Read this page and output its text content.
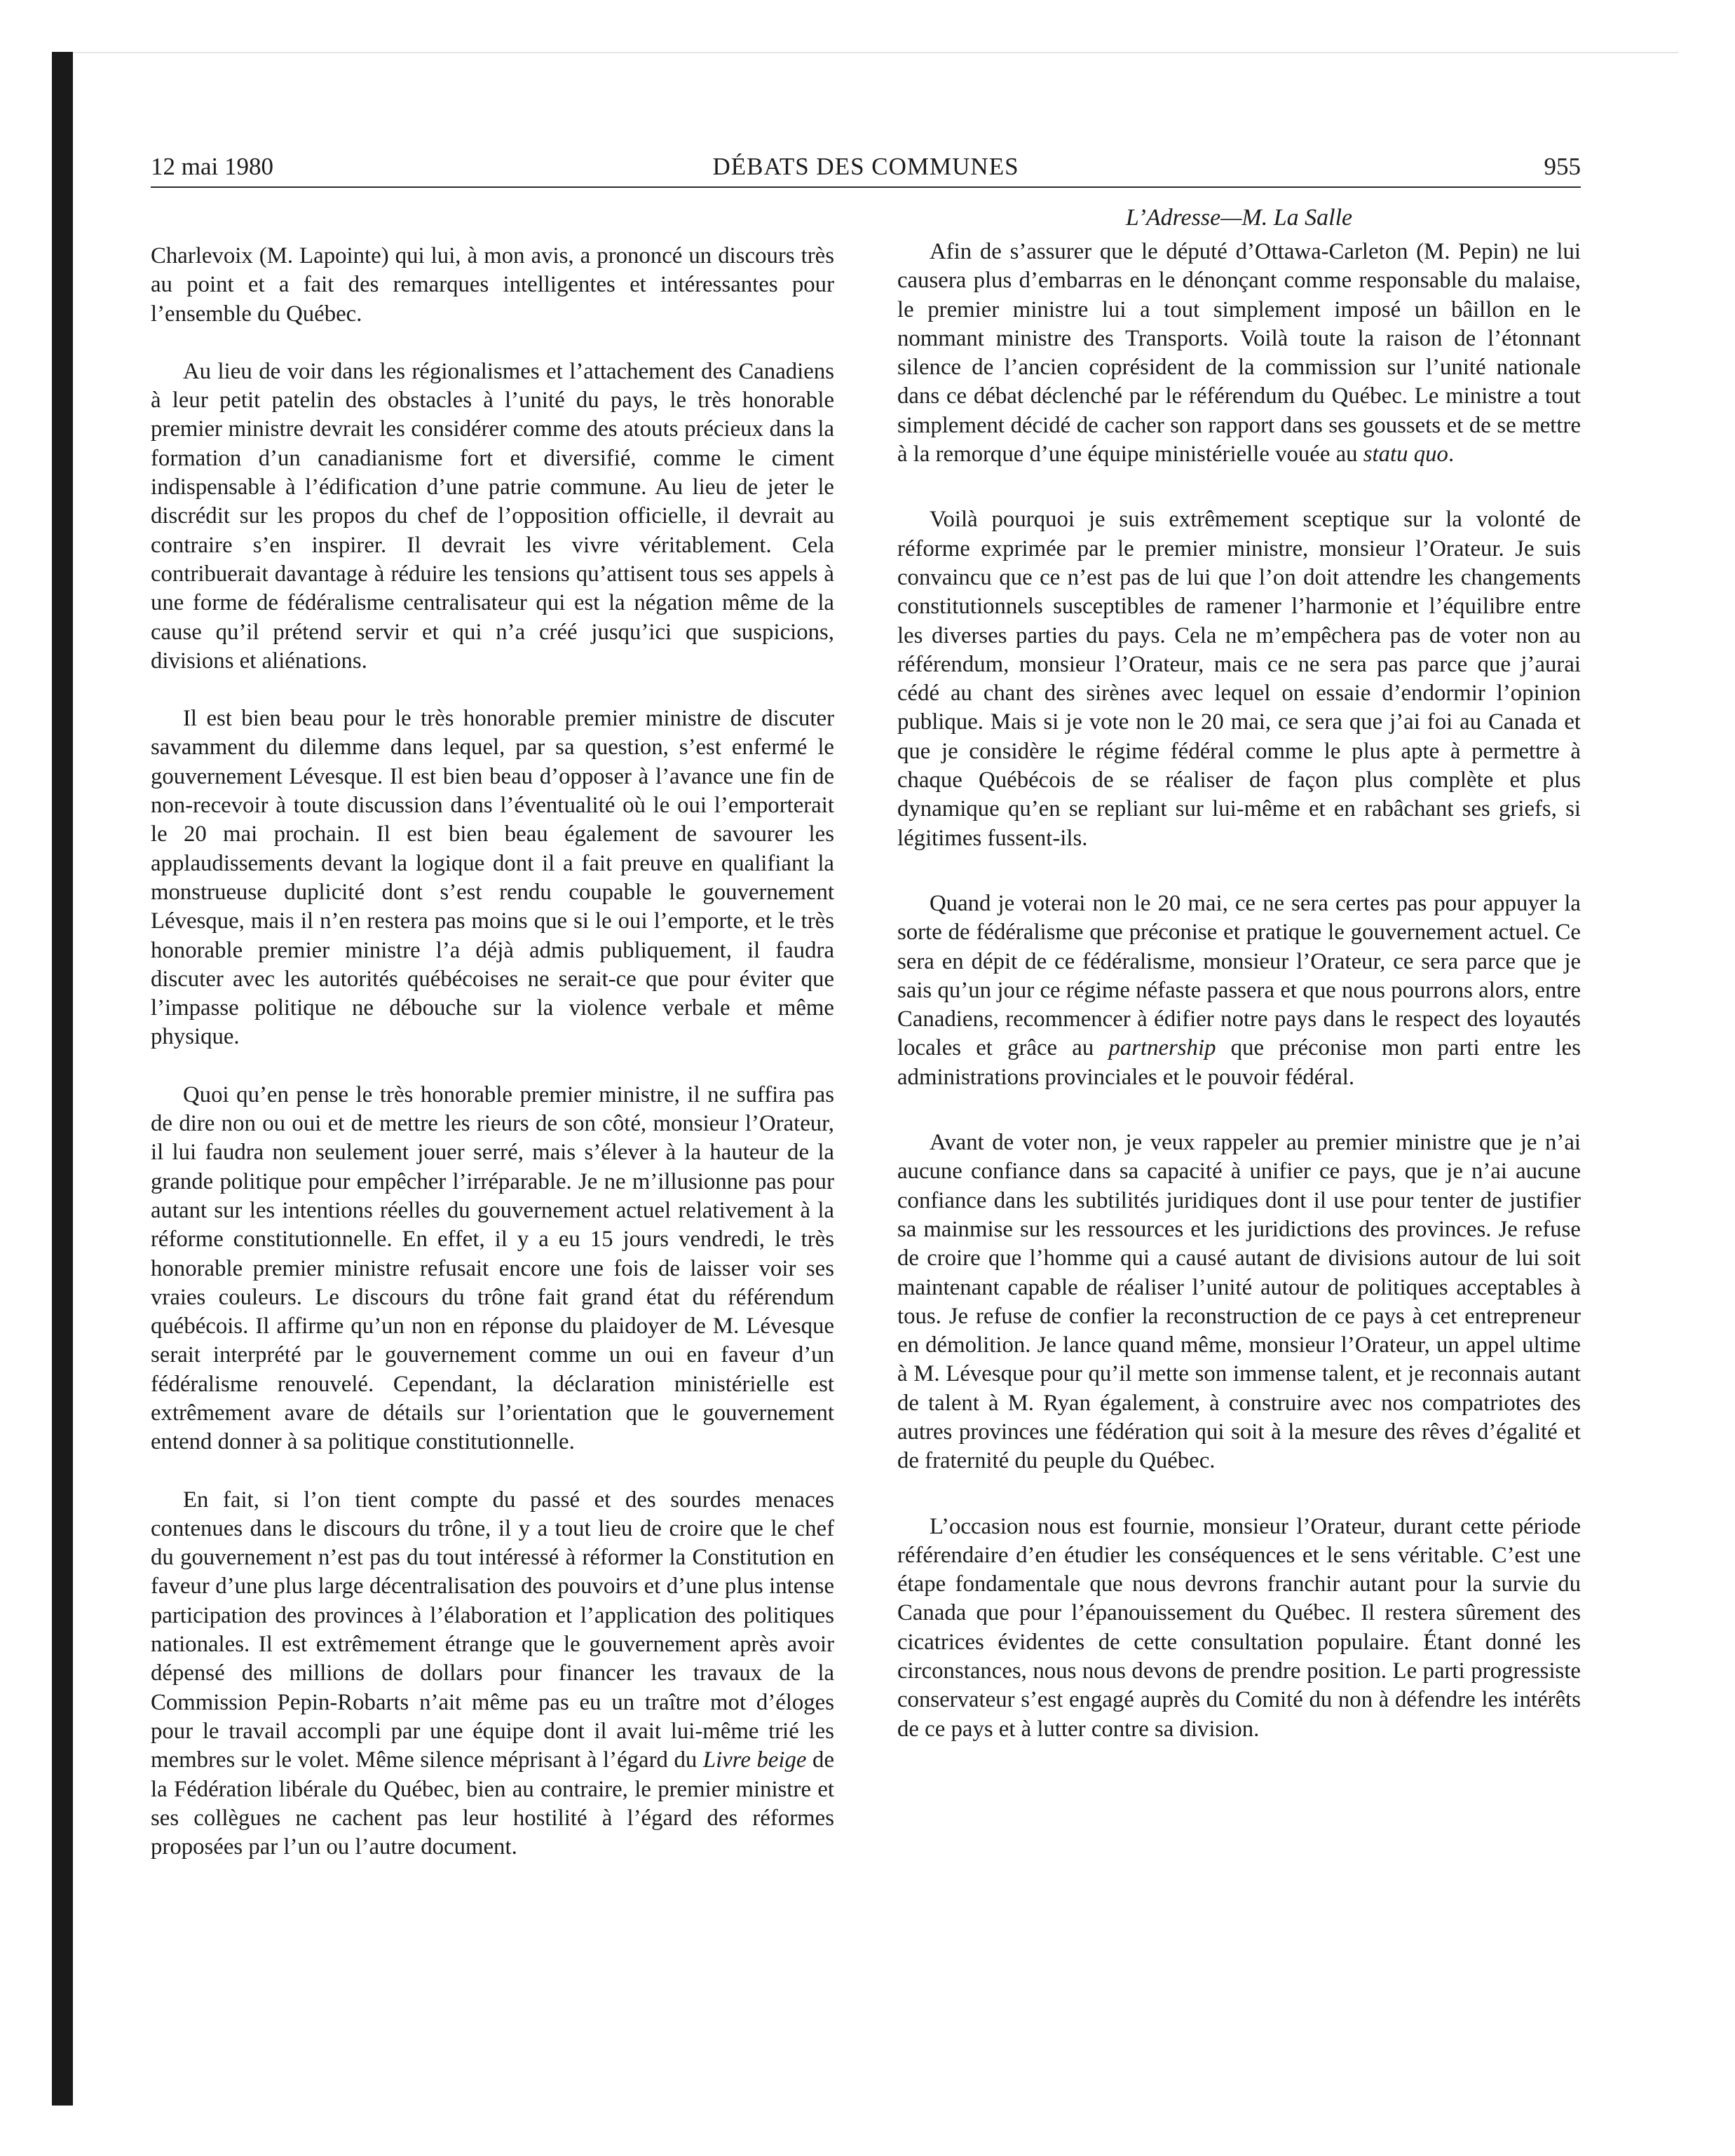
12 mai 1980	DÉBATS DES COMMUNES	955

Charlevoix (M. Lapointe) qui lui, à mon avis, a prononcé un discours très au point et a fait des remarques intelligentes et intéressantes pour l’ensemble du Québec.

Au lieu de voir dans les régionalismes et l’attachement des Canadiens à leur petit patelin des obstacles à l’unité du pays, le très honorable premier ministre devrait les considérer comme des atouts précieux dans la formation d’un canadianisme fort et diversifié, comme le ciment indispensable à l’édification d’une patrie commune. Au lieu de jeter le discrédit sur les propos du chef de l’opposition officielle, il devrait au contraire s’en inspirer. Il devrait les vivre véritablement. Cela contribuerait davantage à réduire les tensions qu’attisent tous ses appels à une forme de fédéralisme centralisateur qui est la négation même de la cause qu’il prétend servir et qui n’a créé jusqu’ici que suspicions, divisions et aliénations.

Il est bien beau pour le très honorable premier ministre de discuter savamment du dilemme dans lequel, par sa question, s’est enfermé le gouvernement Lévesque. Il est bien beau d’opposer à l’avance une fin de non-recevoir à toute discussion dans l’éventualité où le oui l’emporterait le 20 mai prochain. Il est bien beau également de savourer les applaudissements devant la logique dont il a fait preuve en qualifiant la monstrueuse duplicité dont s’est rendu coupable le gouvernement Lévesque, mais il n’en restera pas moins que si le oui l’emporte, et le très honorable premier ministre l’a déjà admis publiquement, il faudra discuter avec les autorités québécoises ne serait-ce que pour éviter que l’impasse politique ne débouche sur la violence verbale et même physique.

Quoi qu’en pense le très honorable premier ministre, il ne suffira pas de dire non ou oui et de mettre les rieurs de son côté, monsieur l’Orateur, il lui faudra non seulement jouer serré, mais s’élever à la hauteur de la grande politique pour empêcher l’irréparable. Je ne m’illusionne pas pour autant sur les intentions réelles du gouvernement actuel relativement à la réforme constitutionnelle. En effet, il y a eu 15 jours vendredi, le très honorable premier ministre refusait encore une fois de laisser voir ses vraies couleurs. Le discours du trône fait grand état du référendum québécois. Il affirme qu’un non en réponse du plaidoyer de M. Lévesque serait interprété par le gouvernement comme un oui en faveur d’un fédéralisme renouvelé. Cependant, la déclaration ministérielle est extrêmement avare de détails sur l’orientation que le gouvernement entend donner à sa politique constitutionnelle.

En fait, si l’on tient compte du passé et des sourdes menaces contenues dans le discours du trône, il y a tout lieu de croire que le chef du gouvernement n’est pas du tout intéressé à réformer la Constitution en faveur d’une plus large décentralisation des pouvoirs et d’une plus intense participation des provinces à l’élaboration et l’application des politiques nationales. Il est extrêmement étrange que le gouvernement après avoir dépensé des millions de dollars pour financer les travaux de la Commission Pepin-Robarts n’ait même pas eu un traître mot d’éloges pour le travail accompli par une équipe dont il avait lui-même trié les membres sur le volet. Même silence méprisant à l’égard du Livre beige de la Fédération libérale du Québec, bien au contraire, le premier ministre et ses collègues ne cachent pas leur hostilité à l’égard des réformes proposées par l’un ou l’autre document.

L’Adresse—M. La Salle

Afin de s’assurer que le député d’Ottawa-Carleton (M. Pepin) ne lui causera plus d’embarras en le dénonçant comme responsable du malaise, le premier ministre lui a tout simplement imposé un bâillon en le nommant ministre des Transports. Voilà toute la raison de l’étonnant silence de l’ancien coprésident de la commission sur l’unité nationale dans ce débat déclenché par le référendum du Québec. Le ministre a tout simplement décidé de cacher son rapport dans ses goussets et de se mettre à la remorque d’une équipe ministérielle vouée au statu quo.

Voilà pourquoi je suis extrêmement sceptique sur la volonté de réforme exprimée par le premier ministre, monsieur l’Orateur. Je suis convaincu que ce n’est pas de lui que l’on doit attendre les changements constitutionnels susceptibles de ramener l’harmonie et l’équilibre entre les diverses parties du pays. Cela ne m’empêchera pas de voter non au référendum, monsieur l’Orateur, mais ce ne sera pas parce que j’aurai cédé au chant des sirènes avec lequel on essaie d’endormir l’opinion publique. Mais si je vote non le 20 mai, ce sera que j’ai foi au Canada et que je considère le régime fédéral comme le plus apte à permettre à chaque Québécois de se réaliser de façon plus complète et plus dynamique qu’en se repliant sur lui-même et en rabâchant ses griefs, si légitimes fussent-ils.

Quand je voterai non le 20 mai, ce ne sera certes pas pour appuyer la sorte de fédéralisme que préconise et pratique le gouvernement actuel. Ce sera en dépit de ce fédéralisme, monsieur l’Orateur, ce sera parce que je sais qu’un jour ce régime néfaste passera et que nous pourrons alors, entre Canadiens, recommencer à édifier notre pays dans le respect des loyautés locales et grâce au partnership que préconise mon parti entre les administrations provinciales et le pouvoir fédéral.

Avant de voter non, je veux rappeler au premier ministre que je n’ai aucune confiance dans sa capacité à unifier ce pays, que je n’ai aucune confiance dans les subtilités juridiques dont il use pour tenter de justifier sa mainmise sur les ressources et les juridictions des provinces. Je refuse de croire que l’homme qui a causé autant de divisions autour de lui soit maintenant capable de réaliser l’unité autour de politiques acceptables à tous. Je refuse de confier la reconstruction de ce pays à cet entrepreneur en démolition. Je lance quand même, monsieur l’Orateur, un appel ultime à M. Lévesque pour qu’il mette son immense talent, et je reconnais autant de talent à M. Ryan également, à construire avec nos compatriotes des autres provinces une fédération qui soit à la mesure des rêves d’égalité et de fraternité du peuple du Québec.

L’occasion nous est fournie, monsieur l’Orateur, durant cette période référendaire d’en étudier les conséquences et le sens véritable. C’est une étape fondamentale que nous devrons franchir autant pour la survie du Canada que pour l’épanouissement du Québec. Il restera sûrement des cicatrices évidentes de cette consultation populaire. Étant donné les circonstances, nous nous devons de prendre position. Le parti progressiste conservateur s’est engagé auprès du Comité du non à défendre les intérêts de ce pays et à lutter contre sa division.
